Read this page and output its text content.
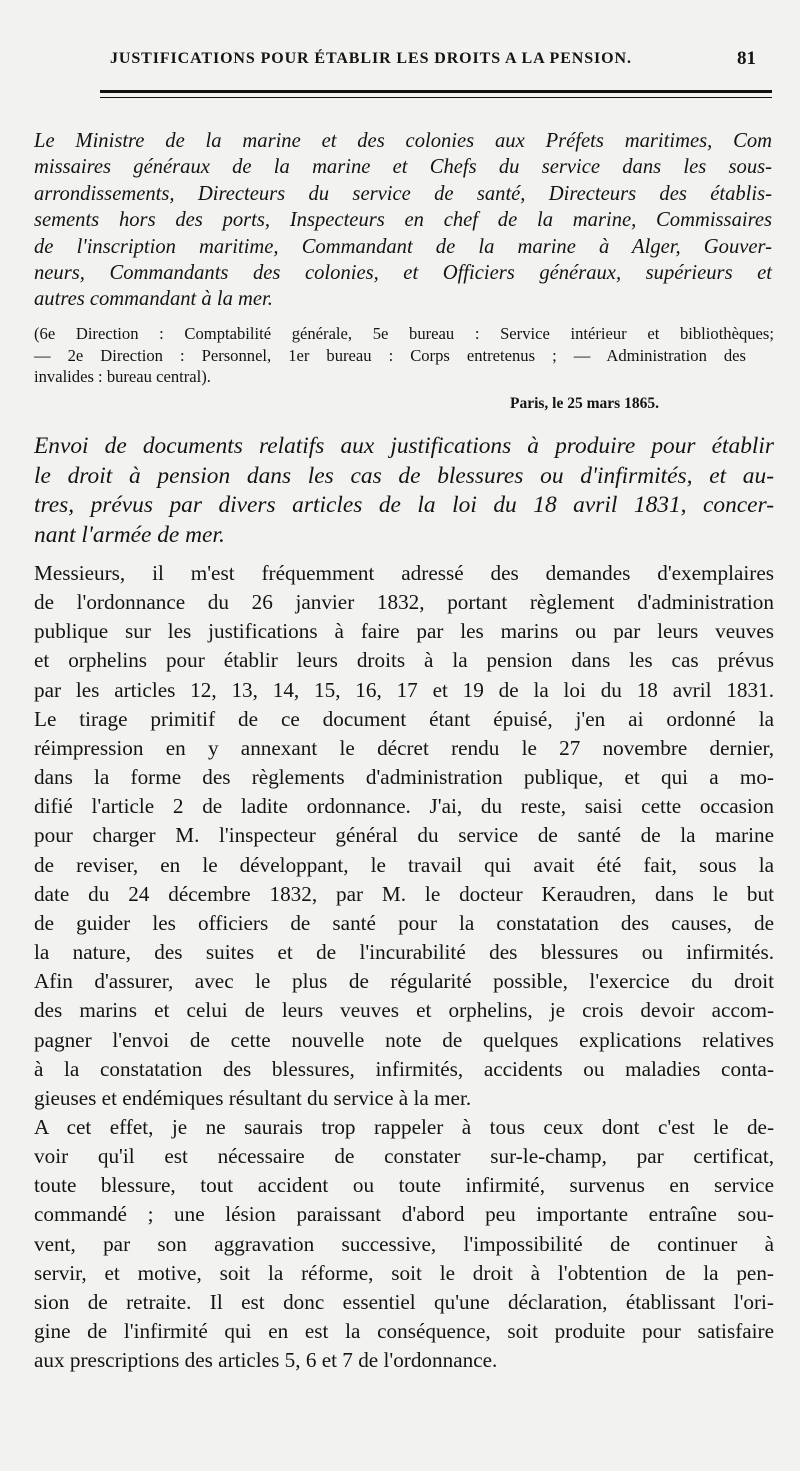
JUSTIFICATIONS POUR ÉTABLIR LES DROITS A LA PENSION.	81
Le Ministre de la marine et des colonies aux Préfets maritimes, Com
missaires généraux de la marine et Chefs du service dans les sous-
arrondissements, Directeurs du service de santé, Directeurs des établis-
sements hors des ports, Inspecteurs en chef de la marine, Commissaires
de l'inscription maritime, Commandant de la marine à Alger, Gouver-
neurs, Commandants des colonies, et Officiers généraux, supérieurs et
autres commandant à la mer.
(6e Direction : Comptabilité générale, 5e bureau : Service intérieur et bibliothèques;
— 2e Direction : Personnel, 1er bureau : Corps entretenus ; — Administration des
invalides : bureau central).
Paris, le 25 mars 1865.
Envoi de documents relatifs aux justifications à produire pour établir
le droit à pension dans les cas de blessures ou d'infirmités, et au-
tres, prévus par divers articles de la loi du 18 avril 1831, concer-
nant l'armée de mer.
Messieurs, il m'est fréquemment adressé des demandes d'exemplaires
de l'ordonnance du 26 janvier 1832, portant règlement d'administration
publique sur les justifications à faire par les marins ou par leurs veuves
et orphelins pour établir leurs droits à la pension dans les cas prévus
par les articles 12, 13, 14, 15, 16, 17 et 19 de la loi du 18 avril 1831.
Le tirage primitif de ce document étant épuisé, j'en ai ordonné la
réimpression en y annexant le décret rendu le 27 novembre dernier,
dans la forme des règlements d'administration publique, et qui a mo-
difié l'article 2 de ladite ordonnance. J'ai, du reste, saisi cette occasion
pour charger M. l'inspecteur général du service de santé de la marine
de reviser, en le développant, le travail qui avait été fait, sous la
date du 24 décembre 1832, par M. le docteur Keraudren, dans le but
de guider les officiers de santé pour la constatation des causes, de
la nature, des suites et de l'incurabilité des blessures ou infirmités.
Afin d'assurer, avec le plus de régularité possible, l'exercice du droit
des marins et celui de leurs veuves et orphelins, je crois devoir accom-
pagner l'envoi de cette nouvelle note de quelques explications relatives
à la constatation des blessures, infirmités, accidents ou maladies conta-
gieuses et endémiques résultant du service à la mer.
A cet effet, je ne saurais trop rappeler à tous ceux dont c'est le de-
voir qu'il est nécessaire de constater sur-le-champ, par certificat,
toute blessure, tout accident ou toute infirmité, survenus en service
commandé ; une lésion paraissant d'abord peu importante entraîne sou-
vent, par son aggravation successive, l'impossibilité de continuer à
servir, et motive, soit la réforme, soit le droit à l'obtention de la pen-
sion de retraite. Il est donc essentiel qu'une déclaration, établissant l'ori-
gine de l'infirmité qui en est la conséquence, soit produite pour satisfaire
aux prescriptions des articles 5, 6 et 7 de l'ordonnance.
